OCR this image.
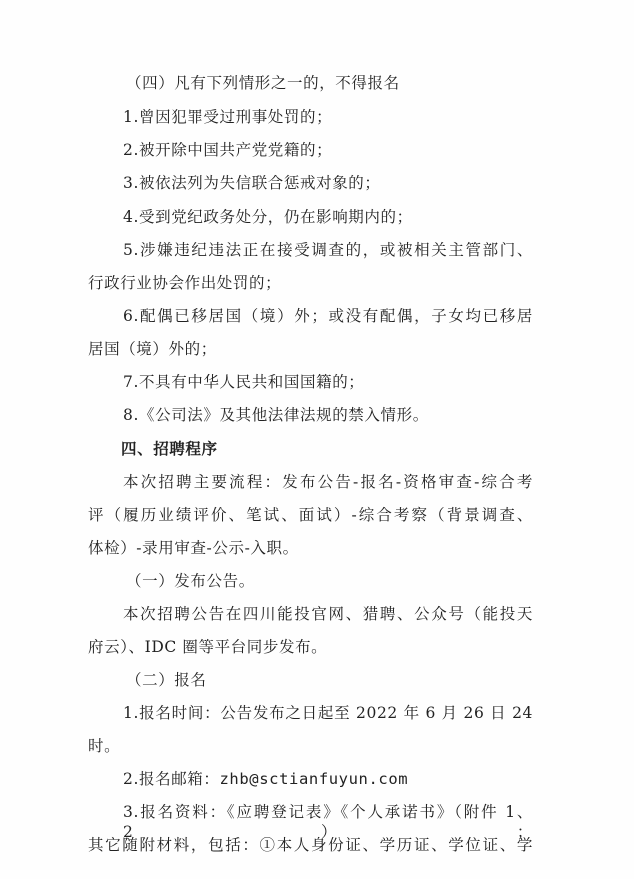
（四）凡有下列情形之一的，不得报名
1.曾因犯罪受过刑事处罚的；
2.被开除中国共产党党籍的；
3.被依法列为失信联合惩戒对象的；
4.受到党纪政务处分，仍在影响期内的；
5.涉嫌违纪违法正在接受调查的，或被相关主管部门、
行政行业协会作出处罚的；
6.配偶已移居国（境）外；或没有配偶，子女均已移居
居国（境）外的；
7.不具有中华人民共和国国籍的；
8.《公司法》及其他法律法规的禁入情形。
四、招聘程序
本次招聘主要流程：发布公告-报名-资格审查-综合考
评（履历业绩评价、笔试、面试）-综合考察（背景调查、
体检）-录用审查-公示-入职。
（一）发布公告。
本次招聘公告在四川能投官网、猎聘、公众号（能投天
府云）、IDC 圈等平台同步发布。
（二）报名
1.报名时间：公告发布之日起至 2022 年 6 月 26 日 24
时。
2.报名邮箱：zhb@sctianfuyun.com
3.报名资料：《应聘登记表》《个人承诺书》（附件 1、2）；
其它随附材料，包括：①本人身份证、学历证、学位证、学
